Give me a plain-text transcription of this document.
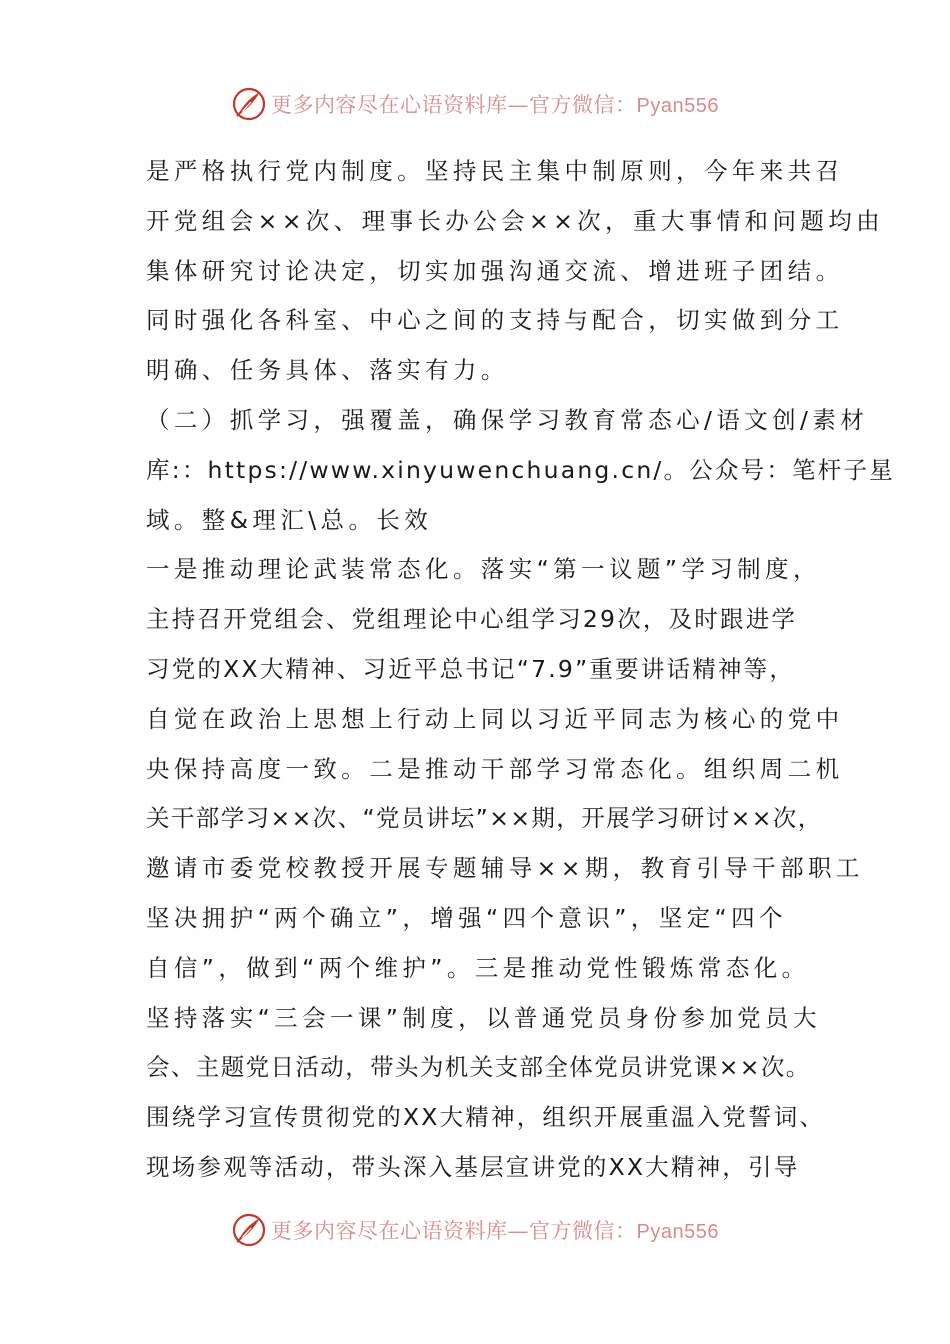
更多内容尽在心语资料库—官方微信：Pyan556
是严格执行党内制度。坚持民主集中制原则，今年来共召
开党组会××次、理事长办公会××次，重大事情和问题均由
集体研究讨论决定，切实加强沟通交流、增进班子团结。
同时强化各科室、中心之间的支持与配合，切实做到分工
明确、任务具体、落实有力。
（二）抓学习，强覆盖，确保学习教育常态心/语文创/素材
库:：https://www.xinyuwenchuang.cn/。公众号：笔杆子星
域。整&理汇\总。长效
一是推动理论武装常态化。落实“第一议题”学习制度，
主持召开党组会、党组理论中心组学习29次，及时跟进学
习党的XX大精神、习近平总书记“7.9”重要讲话精神等，
自觉在政治上思想上行动上同以习近平同志为核心的党中
央保持高度一致。二是推动干部学习常态化。组织周二机
关干部学习××次、“党员讲坛”××期，开展学习研讨××次，
邀请市委党校教授开展专题辅导××期，教育引导干部职工
坚决拥护“两个确立”，增强“四个意识”，坚定“四个
自信”，做到“两个维护”。三是推动党性锻炼常态化。
坚持落实“三会一课”制度，以普通党员身份参加党员大
会、主题党日活动，带头为机关支部全体党员讲党课××次。
围绕学习宣传贯彻党的XX大精神，组织开展重温入党誓词、
现场参观等活动，带头深入基层宣讲党的XX大精神，引导
更多内容尽在心语资料库—官方微信：Pyan556
